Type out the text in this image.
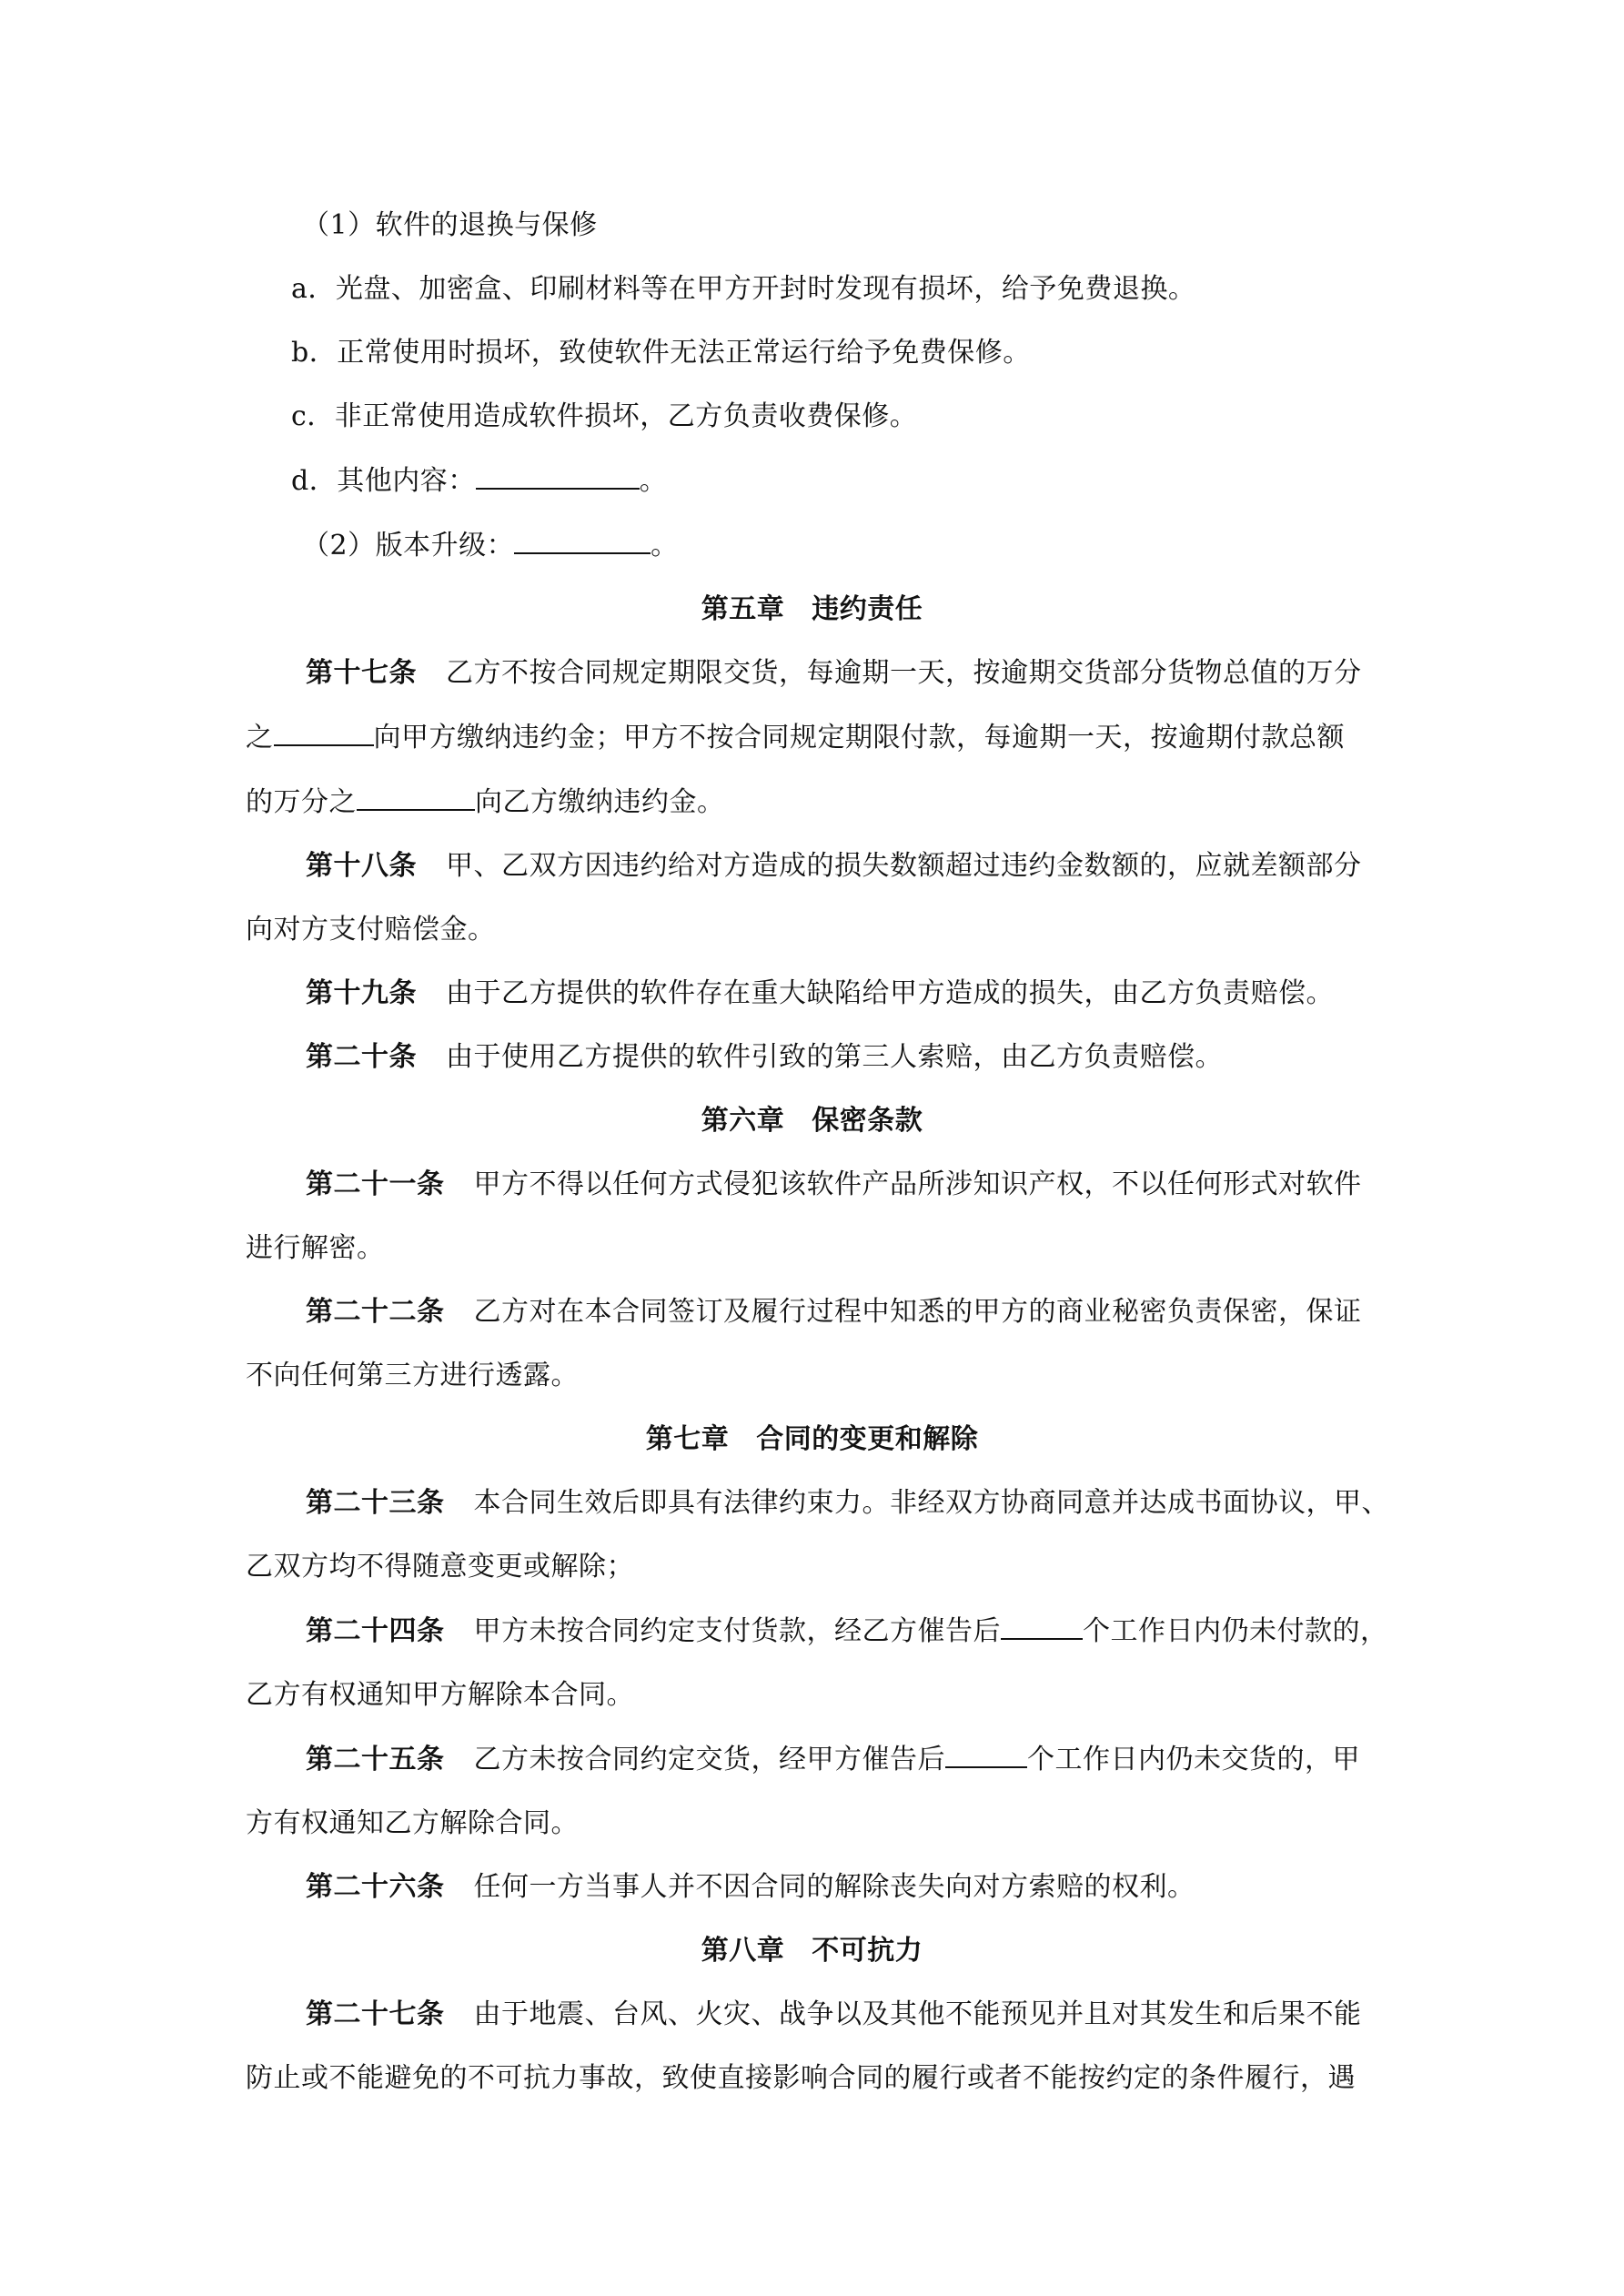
（1）软件的退换与保修
a．光盘、加密盒、印刷材料等在甲方开封时发现有损坏，给予免费退换。
b．正常使用时损坏，致使软件无法正常运行给予免费保修。
c．非正常使用造成软件损坏，乙方负责收费保修。
d．其他内容：	。
（2）版本升级：	。
第五章 违约责任
第十七条 乙方不按合同规定期限交货，每逾期一天，按逾期交货部分货物总值的万分
之	向甲方缴纳违约金；甲方不按合同规定期限付款，每逾期一天，按逾期付款总额
的万分之	向乙方缴纳违约金。
第十八条 甲、乙双方因违约给对方造成的损失数额超过违约金数额的，应就差额部分
向对方支付赔偿金。
第十九条 由于乙方提供的软件存在重大缺陷给甲方造成的损失，由乙方负责赔偿。
第二十条 由于使用乙方提供的软件引致的第三人索赔，由乙方负责赔偿。
第六章 保密条款
第二十一条 甲方不得以任何方式侵犯该软件产品所涉知识产权，不以任何形式对软件
进行解密。
第二十二条 乙方对在本合同签订及履行过程中知悉的甲方的商业秘密负责保密，保证
不向任何第三方进行透露。
第七章 合同的变更和解除
第二十三条 本合同生效后即具有法律约束力。非经双方协商同意并达成书面协议，甲、
乙双方均不得随意变更或解除；
第二十四条 甲方未按合同约定支付货款，经乙方催告后	个工作日内仍未付款的，
乙方有权通知甲方解除本合同。
第二十五条 乙方未按合同约定交货，经甲方催告后	个工作日内仍未交货的，甲
方有权通知乙方解除合同。
第二十六条 任何一方当事人并不因合同的解除丧失向对方索赔的权利。
第八章 不可抗力
第二十七条 由于地震、台风、火灾、战争以及其他不能预见并且对其发生和后果不能
防止或不能避免的不可抗力事故，致使直接影响合同的履行或者不能按约定的条件履行，遇
